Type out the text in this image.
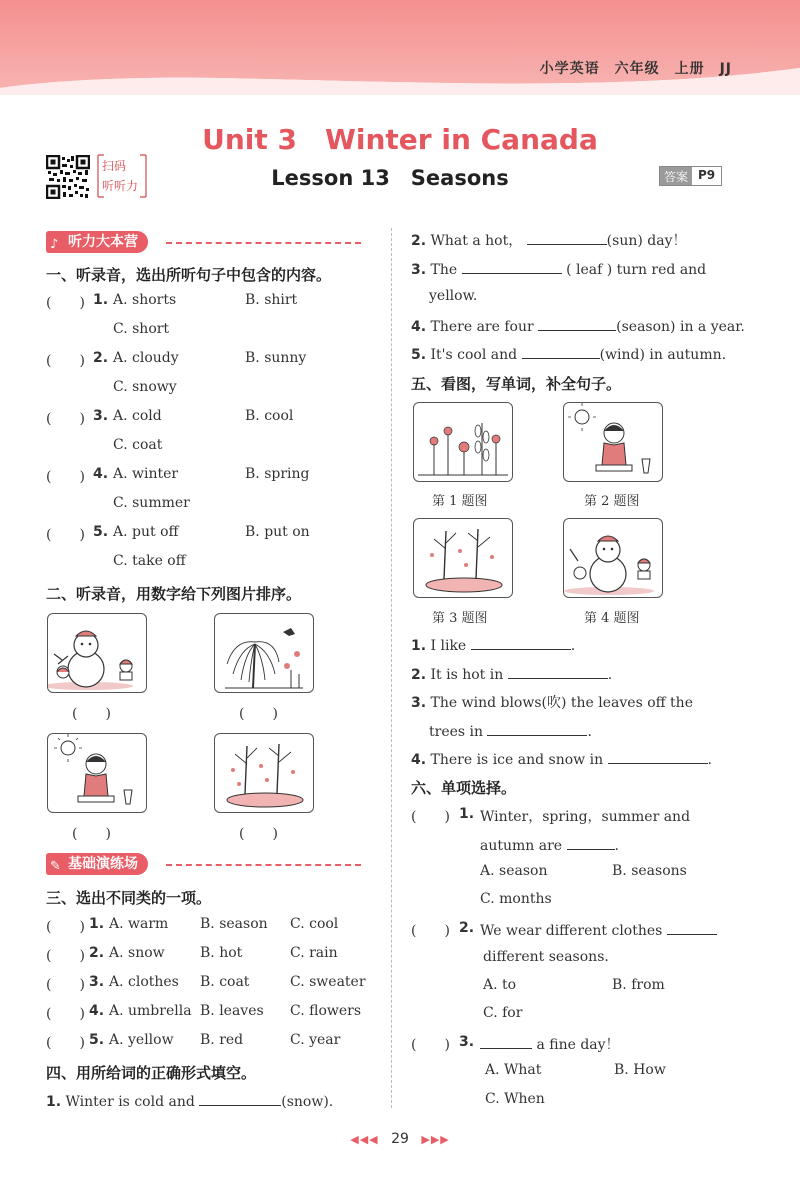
小学英语　六年级　上册　JJ
Unit 3　Winter in Canada
Lesson 13　Seasons
扫码
听听力
答案 P9
♪ 听力大本营
一、听录音，选出所听句子中包含的内容。
(　　) 1. A. shorts	B. shirt
C. short
(　　) 2. A. cloudy	B. sunny
C. snowy
(　　) 3. A. cold	B. cool
C. coat
(　　) 4. A. winter	B. spring
C. summer
(　　) 5. A. put off	B. put on
C. take off
二、听录音，用数字给下列图片排序。
(　　)	(　　)
(　　)	(　　)
✎ 基础演练场
三、选出不同类的一项。
(　　) 1. A. warm B. season C. cool
(　　) 2. A. snow	B. hot	C. rain
(　　) 3. A. clothes B. coat	C. sweater
(　　) 4. A. umbrella B. leaves C. flowers
(　　) 5. A. yellow B. red	C. year
四、用所给词的正确形式填空。
1. Winter is cold and	(snow).
2. What a hot，	(sun) day！
3. The	( leaf ) turn red and
yellow.
4. There are four	(season) in a year.
5. It's cool and	(wind) in autumn.
五、看图，写单词，补全句子。
第 1 题图	第 2 题图
第 3 题图	第 4 题图
1. I like	.
2. It is hot in	.
3. The wind blows(吹) the leaves off the
trees in	.
4. There is ice and snow in	.
六、单项选择。
(　　) 1. Winter，spring，summer and
autumn are	.
A. season	B. seasons
C. months
(　　) 2. We wear different clothes
different seasons.
A. to	B. from
C. for
(　　) 3.	a fine day！
A. What	B. How
C. When
◀◀◀ 29 ▶▶▶
